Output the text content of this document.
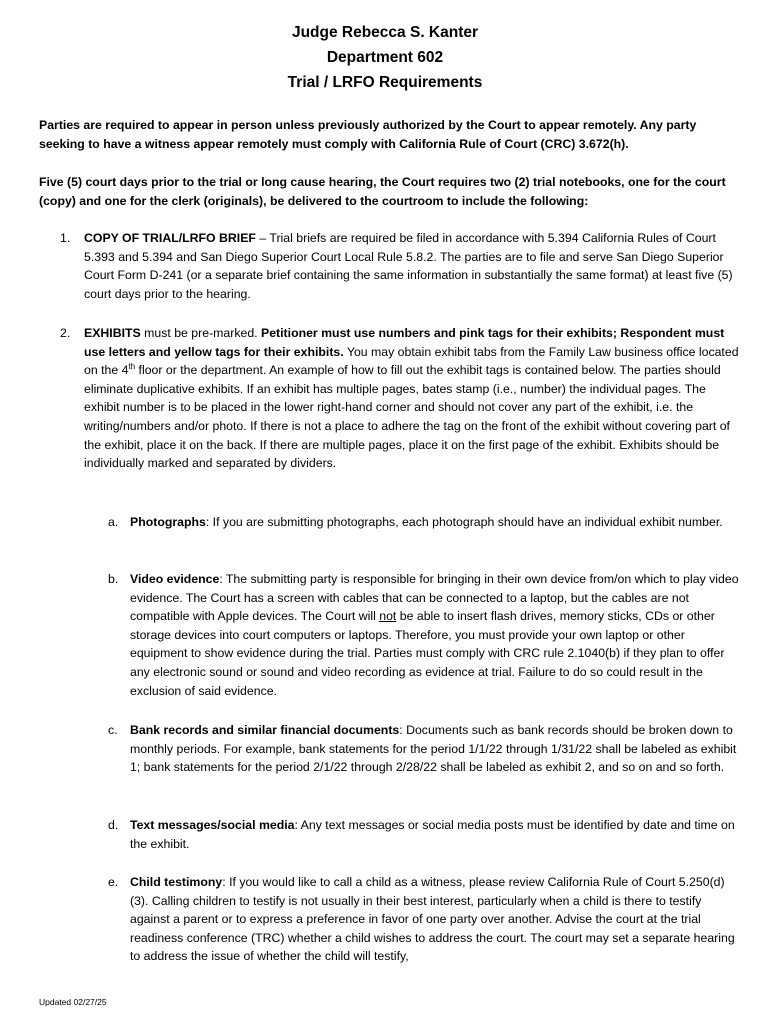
Judge Rebecca S. Kanter
Department 602
Trial / LRFO Requirements
Parties are required to appear in person unless previously authorized by the Court to appear remotely. Any party seeking to have a witness appear remotely must comply with California Rule of Court (CRC) 3.672(h).
Five (5) court days prior to the trial or long cause hearing, the Court requires two (2) trial notebooks, one for the court (copy) and one for the clerk (originals), be delivered to the courtroom to include the following:
1. COPY OF TRIAL/LRFO BRIEF – Trial briefs are required be filed in accordance with 5.394 California Rules of Court 5.393 and 5.394 and San Diego Superior Court Local Rule 5.8.2. The parties are to file and serve San Diego Superior Court Form D-241 (or a separate brief containing the same information in substantially the same format) at least five (5) court days prior to the hearing.
2. EXHIBITS must be pre-marked. Petitioner must use numbers and pink tags for their exhibits; Respondent must use letters and yellow tags for their exhibits. You may obtain exhibit tabs from the Family Law business office located on the 4th floor or the department. An example of how to fill out the exhibit tags is contained below. The parties should eliminate duplicative exhibits. If an exhibit has multiple pages, bates stamp (i.e., number) the individual pages. The exhibit number is to be placed in the lower right-hand corner and should not cover any part of the exhibit, i.e. the writing/numbers and/or photo. If there is not a place to adhere the tag on the front of the exhibit without covering part of the exhibit, place it on the back. If there are multiple pages, place it on the first page of the exhibit. Exhibits should be individually marked and separated by dividers.
a. Photographs: If you are submitting photographs, each photograph should have an individual exhibit number.
b. Video evidence: The submitting party is responsible for bringing in their own device from/on which to play video evidence. The Court has a screen with cables that can be connected to a laptop, but the cables are not compatible with Apple devices. The Court will not be able to insert flash drives, memory sticks, CDs or other storage devices into court computers or laptops. Therefore, you must provide your own laptop or other equipment to show evidence during the trial. Parties must comply with CRC rule 2.1040(b) if they plan to offer any electronic sound or sound and video recording as evidence at trial. Failure to do so could result in the exclusion of said evidence.
c. Bank records and similar financial documents: Documents such as bank records should be broken down to monthly periods. For example, bank statements for the period 1/1/22 through 1/31/22 shall be labeled as exhibit 1; bank statements for the period 2/1/22 through 2/28/22 shall be labeled as exhibit 2, and so on and so forth.
d. Text messages/social media: Any text messages or social media posts must be identified by date and time on the exhibit.
e. Child testimony: If you would like to call a child as a witness, please review California Rule of Court 5.250(d)(3). Calling children to testify is not usually in their best interest, particularly when a child is there to testify against a parent or to express a preference in favor of one party over another. Advise the court at the trial readiness conference (TRC) whether a child wishes to address the court. The court may set a separate hearing to address the issue of whether the child will testify,
Updated 02/27/25
